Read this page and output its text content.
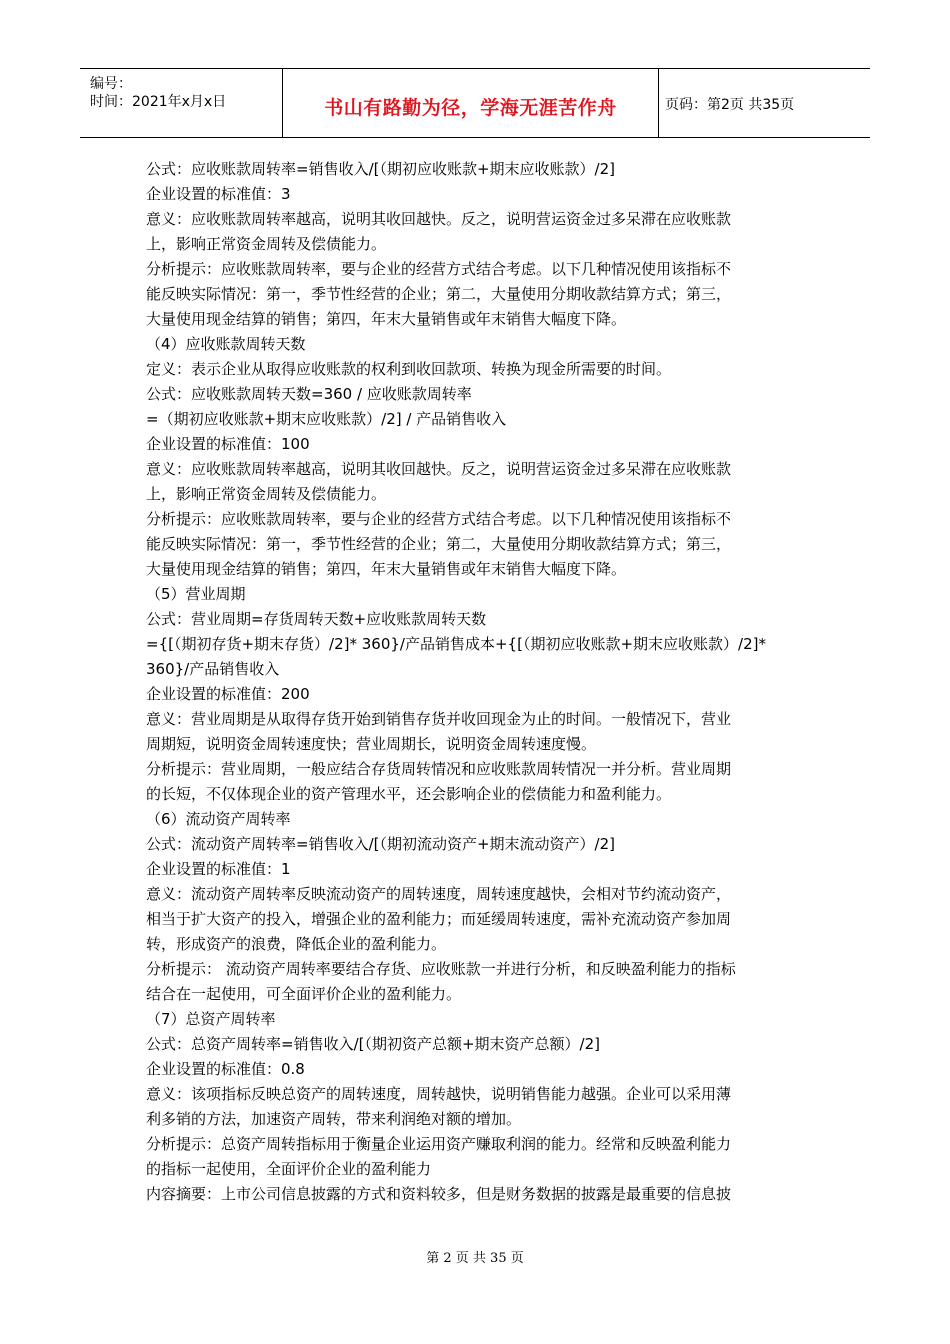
编号：
时间：2021年x月x日	书山有路勤为径，学海无涯苦作舟	页码：第2页 共35页

公式：应收账款周转率=销售收入/[（期初应收账款+期末应收账款）/2]

企业设置的标准值：3

意义：应收账款周转率越高，说明其收回越快。反之，说明营运资金过多呆滞在应收账款

上，影响正常资金周转及偿债能力。

分析提示：应收账款周转率，要与企业的经营方式结合考虑。以下几种情况使用该指标不

能反映实际情况：第一，季节性经营的企业；第二，大量使用分期收款结算方式；第三，

大量使用现金结算的销售；第四，年末大量销售或年末销售大幅度下降。

（4）应收账款周转天数

定义：表示企业从取得应收账款的权利到收回款项、转换为现金所需要的时间。

公式：应收账款周转天数=360 / 应收账款周转率

=（期初应收账款+期末应收账款）/2] / 产品销售收入

企业设置的标准值：100

意义：应收账款周转率越高，说明其收回越快。反之，说明营运资金过多呆滞在应收账款

上，影响正常资金周转及偿债能力。

分析提示：应收账款周转率，要与企业的经营方式结合考虑。以下几种情况使用该指标不

能反映实际情况：第一，季节性经营的企业；第二，大量使用分期收款结算方式；第三，

大量使用现金结算的销售；第四，年末大量销售或年末销售大幅度下降。

（5）营业周期

公式：营业周期=存货周转天数+应收账款周转天数

={[（期初存货+期末存货）/2]* 360}/产品销售成本+{[（期初应收账款+期末应收账款）/2]*

360}/产品销售收入

企业设置的标准值：200

意义：营业周期是从取得存货开始到销售存货并收回现金为止的时间。一般情况下，营业

周期短，说明资金周转速度快；营业周期长，说明资金周转速度慢。

分析提示：营业周期，一般应结合存货周转情况和应收账款周转情况一并分析。营业周期

的长短，不仅体现企业的资产管理水平，还会影响企业的偿债能力和盈利能力。

（6）流动资产周转率

公式：流动资产周转率=销售收入/[（期初流动资产+期末流动资产）/2]

企业设置的标准值：1

意义：流动资产周转率反映流动资产的周转速度，周转速度越快，会相对节约流动资产，

相当于扩大资产的投入，增强企业的盈利能力；而延缓周转速度，需补充流动资产参加周

转，形成资产的浪费，降低企业的盈利能力。

分析提示： 流动资产周转率要结合存货、应收账款一并进行分析，和反映盈利能力的指标

结合在一起使用，可全面评价企业的盈利能力。

（7）总资产周转率

公式：总资产周转率=销售收入/[（期初资产总额+期末资产总额）/2]

企业设置的标准值：0.8

意义：该项指标反映总资产的周转速度，周转越快，说明销售能力越强。企业可以采用薄

利多销的方法，加速资产周转，带来利润绝对额的增加。

分析提示：总资产周转指标用于衡量企业运用资产赚取利润的能力。经常和反映盈利能力

的指标一起使用，全面评价企业的盈利能力

内容摘要：上市公司信息披露的方式和资料较多，但是财务数据的披露是最重要的信息披

第 2 页 共 35 页
